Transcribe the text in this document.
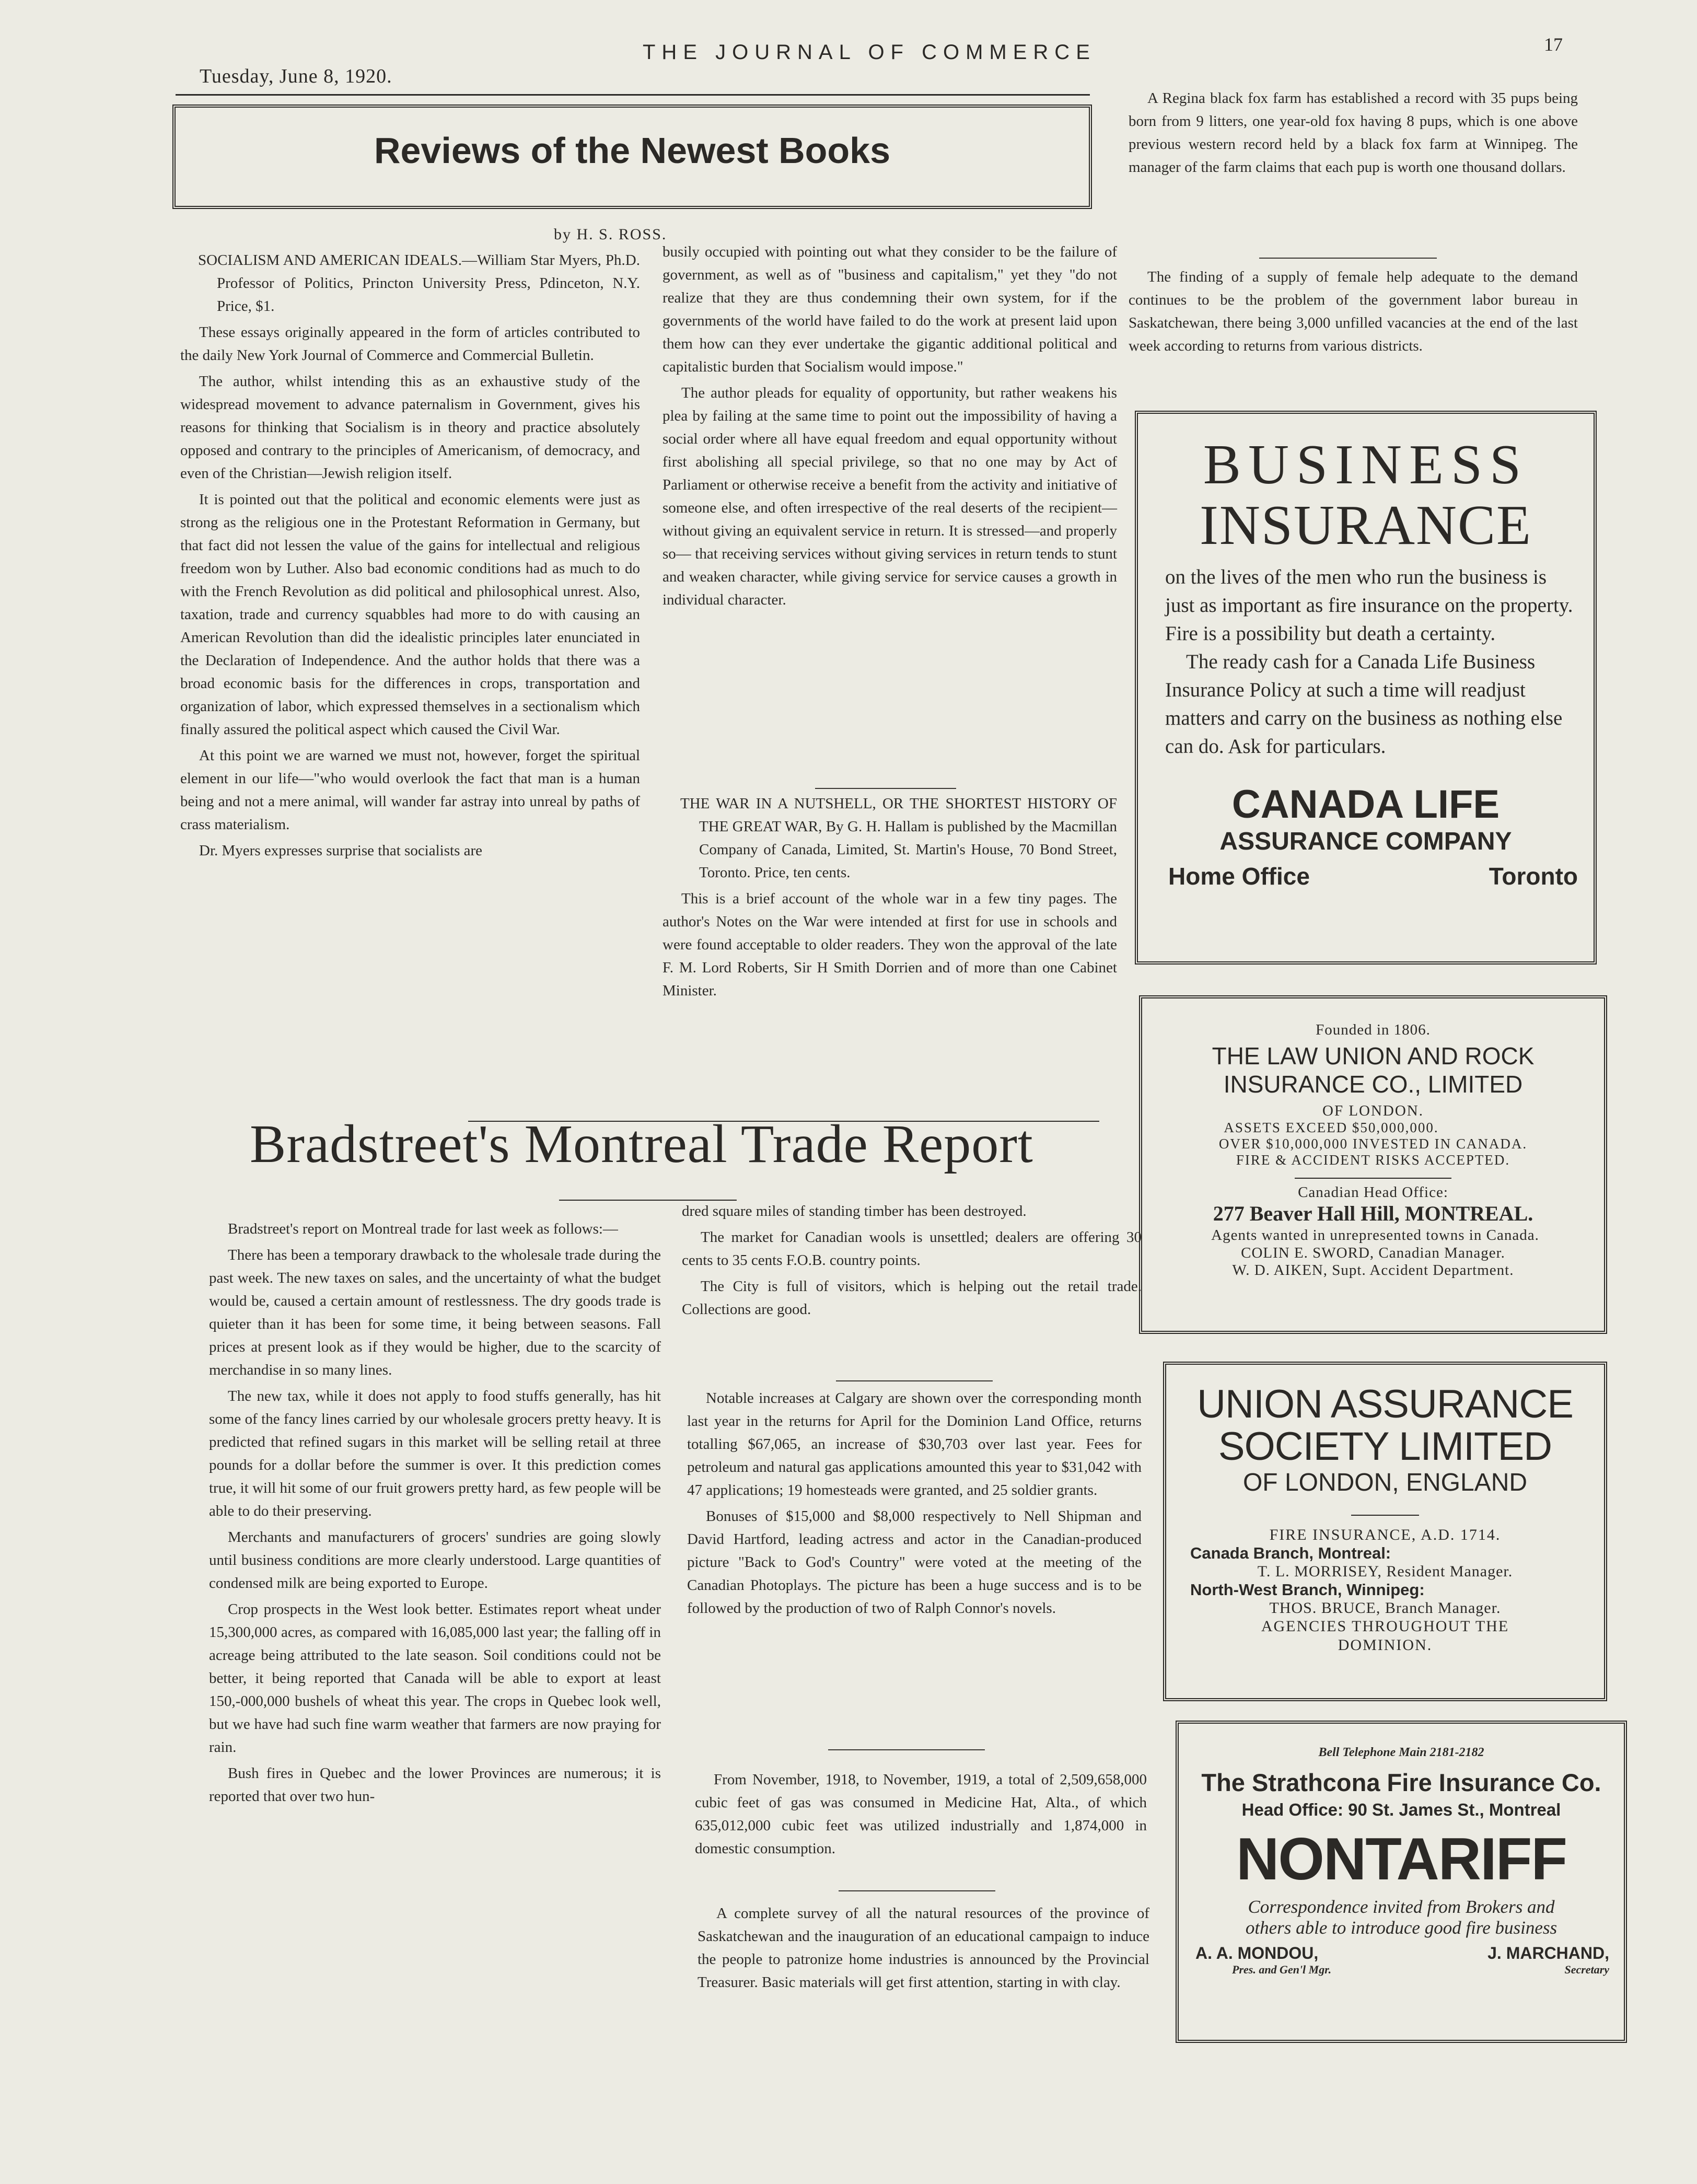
Tuesday, June 8, 1920.
THE JOURNAL OF COMMERCE	17
Reviews of the Newest Books
by H. S. ROSS.

SOCIALISM AND AMERICAN IDEALS.—William Star Myers, Ph.D. Professor of Politics, Princton University Press, Pdinceton, N.Y. Price, $1.

These essays originally appeared in the form of articles contributed to the daily New York Journal of Commerce and Commercial Bulletin.

The author, whilst intending this as an exhaustive study of the widespread movement to advance paternalism in Government, gives his reasons for thinking that Socialism is in theory and practice absolutely opposed and contrary to the principles of Americanism, of democracy, and even of the Christian—Jewish religion itself.

It is pointed out that the political and economic elements were just as strong as the religious one in the Protestant Reformation in Germany, but that fact did not lessen the value of the gains for intellectual and religious freedom won by Luther. Also bad economic conditions had as much to do with the French Revolution as did political and philosophical unrest. Also, taxation, trade and currency squabbles had more to do with causing an American Revolution than did the idealistic principles later enunciated in the Declaration of Independence. And the author holds that there was a broad economic basis for the differences in crops, transportation and organization of labor, which expressed themselves in a sectionalism which finally assured the political aspect which caused the Civil War.

At this point we are warned we must not, however, forget the spiritual element in our life—"who would overlook the fact that man is a human being and not a mere animal, will wander far astray into unreal by paths of crass materialism.

Dr. Myers expresses surprise that socialists are

busily occupied with pointing out what they consider to be the failure of government, as well as of "business and capitalism," yet they "do not realize that they are thus condemning their own system, for if the governments of the world have failed to do the work at present laid upon them how can they ever undertake the gigantic additional political and capitalistic burden that Socialism would impose."

The author pleads for equality of opportunity, but rather weakens his plea by failing at the same time to point out the impossibility of having a social order where all have equal freedom and equal opportunity without first abolishing all special privilege, so that no one may by Act of Parliament or otherwise receive a benefit from the activity and initiative of someone else, and often irrespective of the real deserts of the recipient—without giving an equivalent service in return. It is stressed—and properly so— that receiving services without giving services in return tends to stunt and weaken character, while giving service for service causes a growth in individual character.

THE WAR IN A NUTSHELL, OR THE SHORTEST HISTORY OF THE GREAT WAR, By G. H. Hallam is published by the Macmillan Company of Canada, Limited, St. Martin's House, 70 Bond Street, Toronto. Price, ten cents.

This is a brief account of the whole war in a few tiny pages. The author's Notes on the War were intended at first for use in schools and were found acceptable to older readers. They won the approval of the late F. M. Lord Roberts, Sir H Smith Dorrien and of more than one Cabinet Minister.

A Regina black fox farm has established a record with 35 pups being born from 9 litters, one year-old fox having 8 pups, which is one above previous western record held by a black fox farm at Winnipeg. The manager of the farm claims that each pup is worth one thousand dollars.

The finding of a supply of female help adequate to the demand continues to be the problem of the government labor bureau in Saskatchewan, there being 3,000 unfilled vacancies at the end of the last week according to returns from various districts.

BUSINESS
INSURANCE
on the lives of the men who run the business is just as important as fire insurance on the property. Fire is a possibility but death a certainty.
The ready cash for a Canada Life Business Insurance Policy at such a time will readjust matters and carry on the business as nothing else can do. Ask for particulars.
CANADA LIFE
ASSURANCE COMPANY
Home Office	Toronto
Founded in 1806.
THE LAW UNION AND ROCK
INSURANCE CO., LIMITED
OF LONDON.
ASSETS EXCEED $50,000,000.
OVER $10,000,000 INVESTED IN CANADA.
FIRE & ACCIDENT RISKS ACCEPTED.
Canadian Head Office:
277 Beaver Hall Hill, MONTREAL.
Agents wanted in unrepresented towns in Canada.
COLIN E. SWORD, Canadian Manager.
W. D. AIKEN, Supt. Accident Department.
UNION ASSURANCE
SOCIETY LIMITED
OF LONDON, ENGLAND
FIRE INSURANCE, A.D. 1714.
Canada Branch, Montreal:
T. L. MORRISEY, Resident Manager.
North-West Branch, Winnipeg:
THOS. BRUCE, Branch Manager.
AGENCIES THROUGHOUT THE DOMINION.
Bell Telephone Main 2181-2182
The Strathcona Fire Insurance Co.
Head Office: 90 St. James St., Montreal
NONTARIFF
Correspondence invited from Brokers and
others able to introduce good fire business
A. A. MONDOU,
Pres. and Gen'l Mgr.
J. MARCHAND,
Secretary
Bradstreet's Montreal Trade Report

Bradstreet's report on Montreal trade for last week as follows:—

There has been a temporary drawback to the wholesale trade during the past week. The new taxes on sales, and the uncertainty of what the budget would be, caused a certain amount of restlessness. The dry goods trade is quieter than it has been for some time, it being between seasons. Fall prices at present look as if they would be higher, due to the scarcity of merchandise in so many lines.

The new tax, while it does not apply to food stuffs generally, has hit some of the fancy lines carried by our wholesale grocers pretty heavy. It is predicted that refined sugars in this market will be selling retail at three pounds for a dollar before the summer is over. It this prediction comes true, it will hit some of our fruit growers pretty hard, as few people will be able to do their preserving.

Merchants and manufacturers of grocers' sundries are going slowly until business conditions are more clearly understood. Large quantities of condensed milk are being exported to Europe.

Crop prospects in the West look better. Estimates report wheat under 15,300,000 acres, as compared with 16,085,000 last year; the falling off in acreage being attributed to the late season. Soil conditions could not be better, it being reported that Canada will be able to export at least 150,-000,000 bushels of wheat this year. The crops in Quebec look well, but we have had such fine warm weather that farmers are now praying for rain.

Bush fires in Quebec and the lower Provinces are numerous; it is reported that over two hun-

dred square miles of standing timber has been destroyed.

The market for Canadian wools is unsettled; dealers are offering 30 cents to 35 cents F.O.B. country points.

The City is full of visitors, which is helping out the retail trade. Collections are good.

Notable increases at Calgary are shown over the corresponding month last year in the returns for April for the Dominion Land Office, returns totalling $67,065, an increase of $30,703 over last year. Fees for petroleum and natural gas applications amounted this year to $31,042 with 47 applications; 19 homesteads were granted, and 25 soldier grants.

Bonuses of $15,000 and $8,000 respectively to Nell Shipman and David Hartford, leading actress and actor in the Canadian-produced picture "Back to God's Country" were voted at the meeting of the Canadian Photoplays. The picture has been a huge success and is to be followed by the production of two of Ralph Connor's novels.

From November, 1918, to November, 1919, a total of 2,509,658,000 cubic feet of gas was consumed in Medicine Hat, Alta., of which 635,012,000 cubic feet was utilized industrially and 1,874,000 in domestic consumption.

A complete survey of all the natural resources of the province of Saskatchewan and the inauguration of an educational campaign to induce the people to patronize home industries is announced by the Provincial Treasurer. Basic materials will get first attention, starting in with clay.
